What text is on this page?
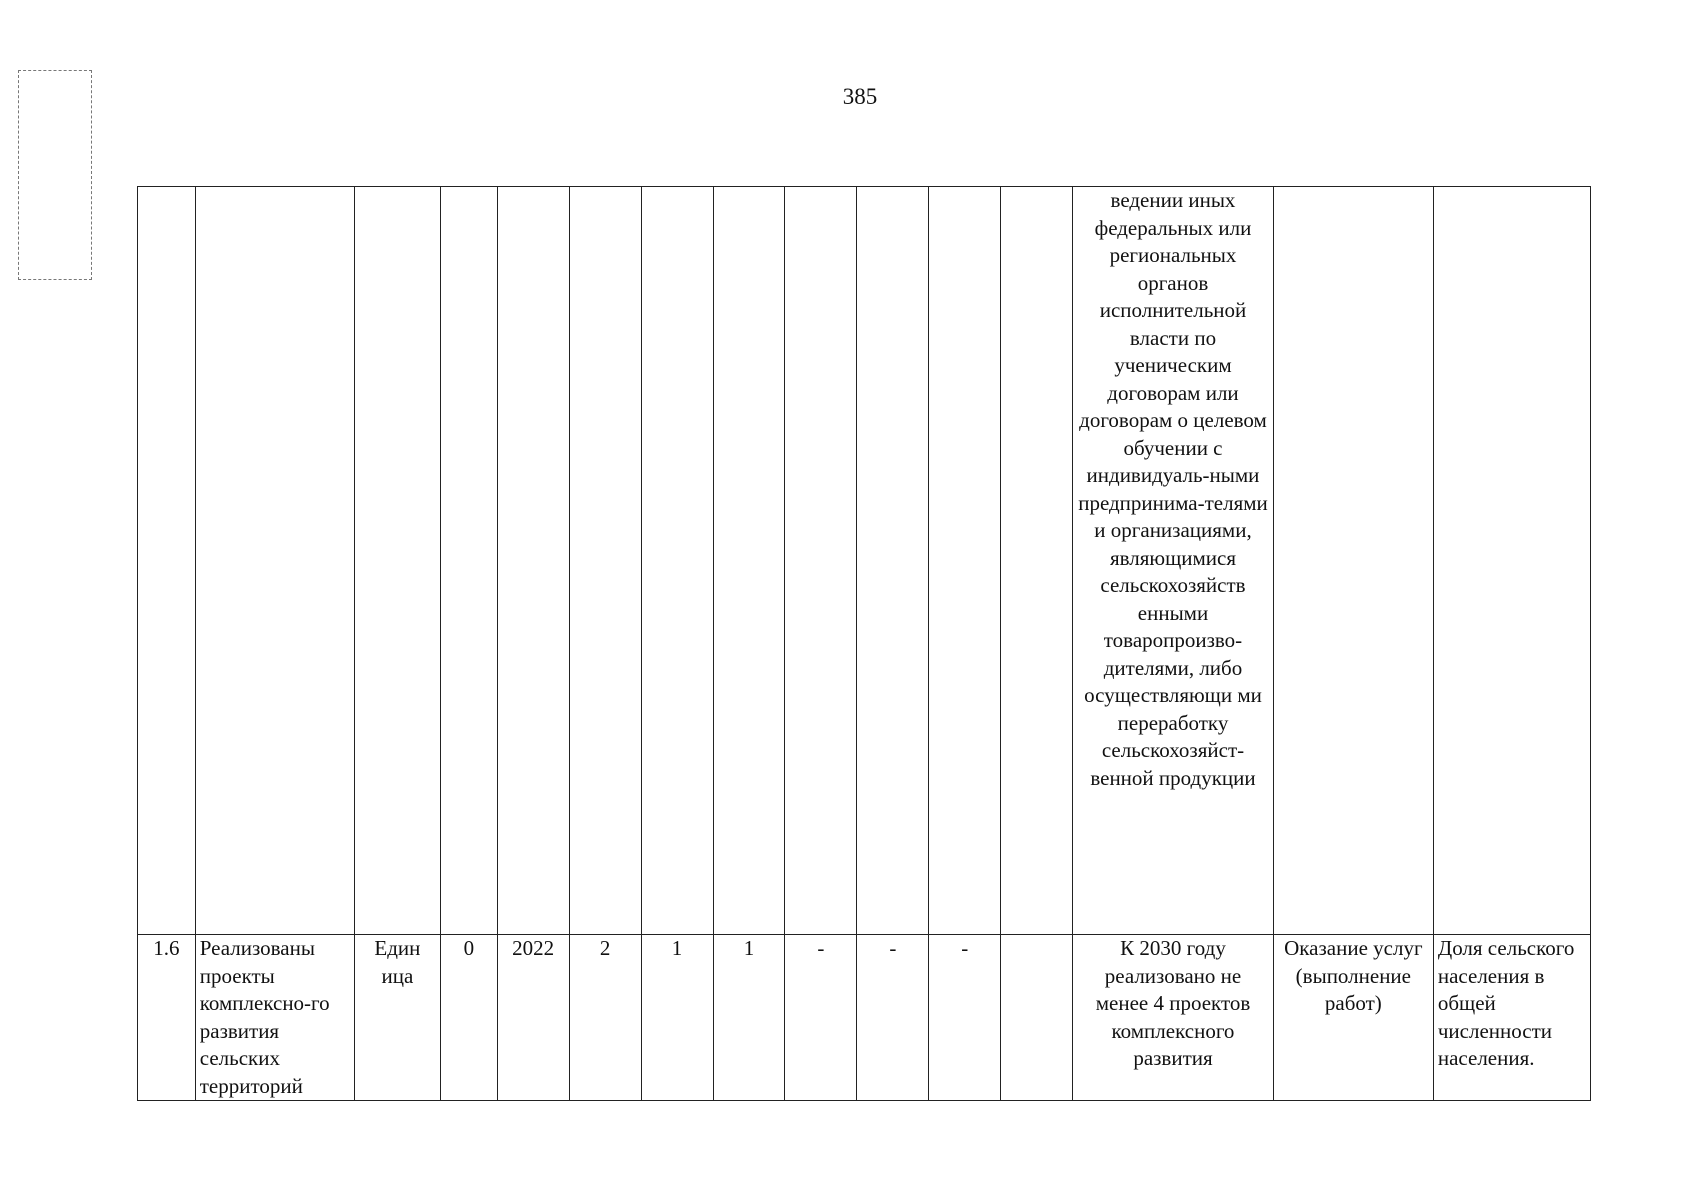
385
												ведении иных федеральных или региональных органов исполнительной власти по ученическим договорам или договорам о целевом обучении с индивидуаль-ными предпринима-телями и организациями, являющимися сельскохозяйств енными товаропроизво-дителями, либо осуществляющи ми переработку сельскохозяйст-венной продукции		
1.6	Реализованы проекты комплексно-го развития сельских территорий	Един ица	0	2022	2	1	1	-	-	-		К 2030 году реализовано не менее 4 проектов комплексного развития	Оказание услуг (выполнение работ)	Доля сельского населения в общей численности населения.
